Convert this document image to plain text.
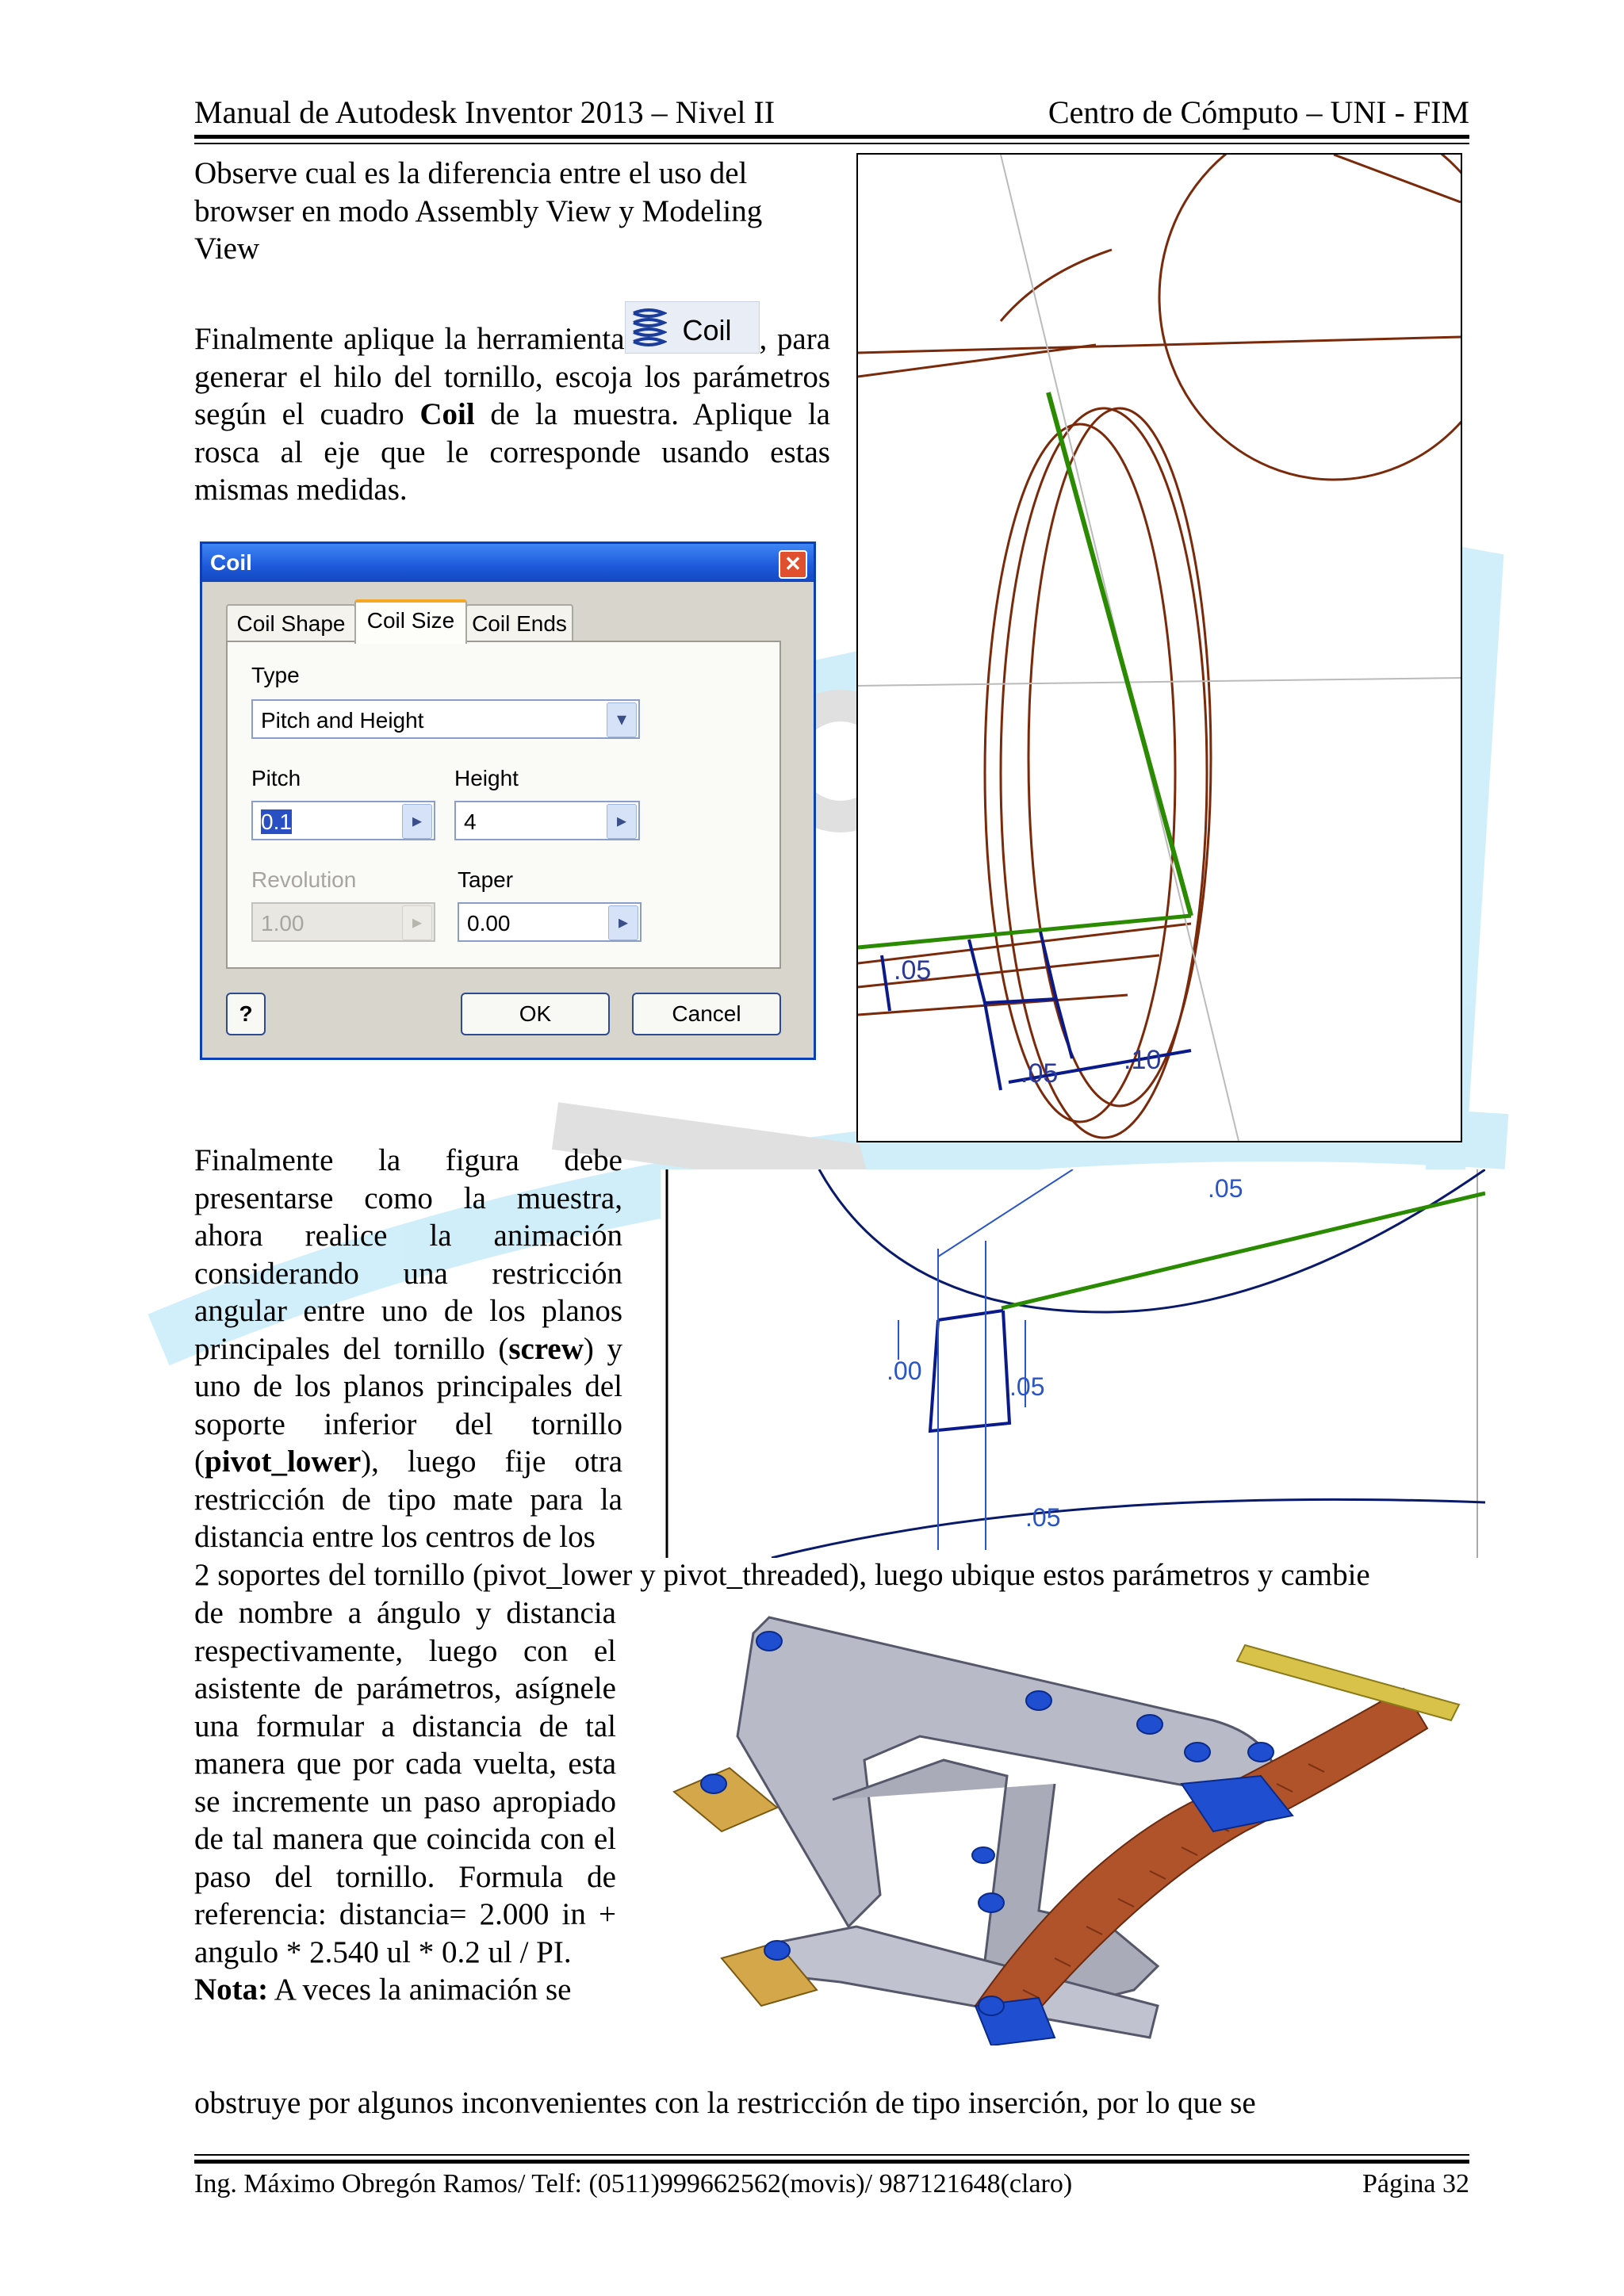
Manual de Autodesk Inventor 2013 – Nivel II	Centro de Cómputo – UNI - FIM
Observe cual es la diferencia entre el uso del browser en modo Assembly View y Modeling View
Finalmente aplique la herramienta Coil , para generar el hilo del tornillo, escoja los parámetros según el cuadro Coil de la muestra. Aplique la rosca al eje que le corresponde usando estas mismas medidas.
Coil	✕
Coil Shape Coil Size Coil Ends
Type
Pitch and Height	▾
Pitch
0.1	▸
Height
4	▸
Revolution
1.00	▸
Taper
0.00	▸
?	OK	Cancel
.05
.05 .10
Finalmente la figura debe presentarse como la muestra, ahora realice la animación considerando una restricción angular entre uno de los planos principales del tornillo (screw) y uno de los planos principales del soporte inferior del tornillo (pivot_lower), luego fije otra restricción de tipo mate para la distancia entre los centros de los
.05
.00
.05
.05
2 soportes del tornillo (pivot_lower y pivot_threaded), luego ubique estos parámetros y cambie
de nombre a ángulo y distancia respectivamente, luego con el asistente de parámetros, asígnele una formular a distancia de tal manera que por cada vuelta, esta se incremente un paso apropiado de tal manera que coincida con el paso del tornillo. Formula de referencia: distancia= 2.000 in + angulo * 2.540 ul * 0.2 ul / PI.
Nota: A veces la animación se
obstruye por algunos inconvenientes con la restricción de tipo inserción, por lo que se
Ing. Máximo Obregón Ramos/ Telf: (0511)999662562(movis)/ 987121648(claro)	Página 32
